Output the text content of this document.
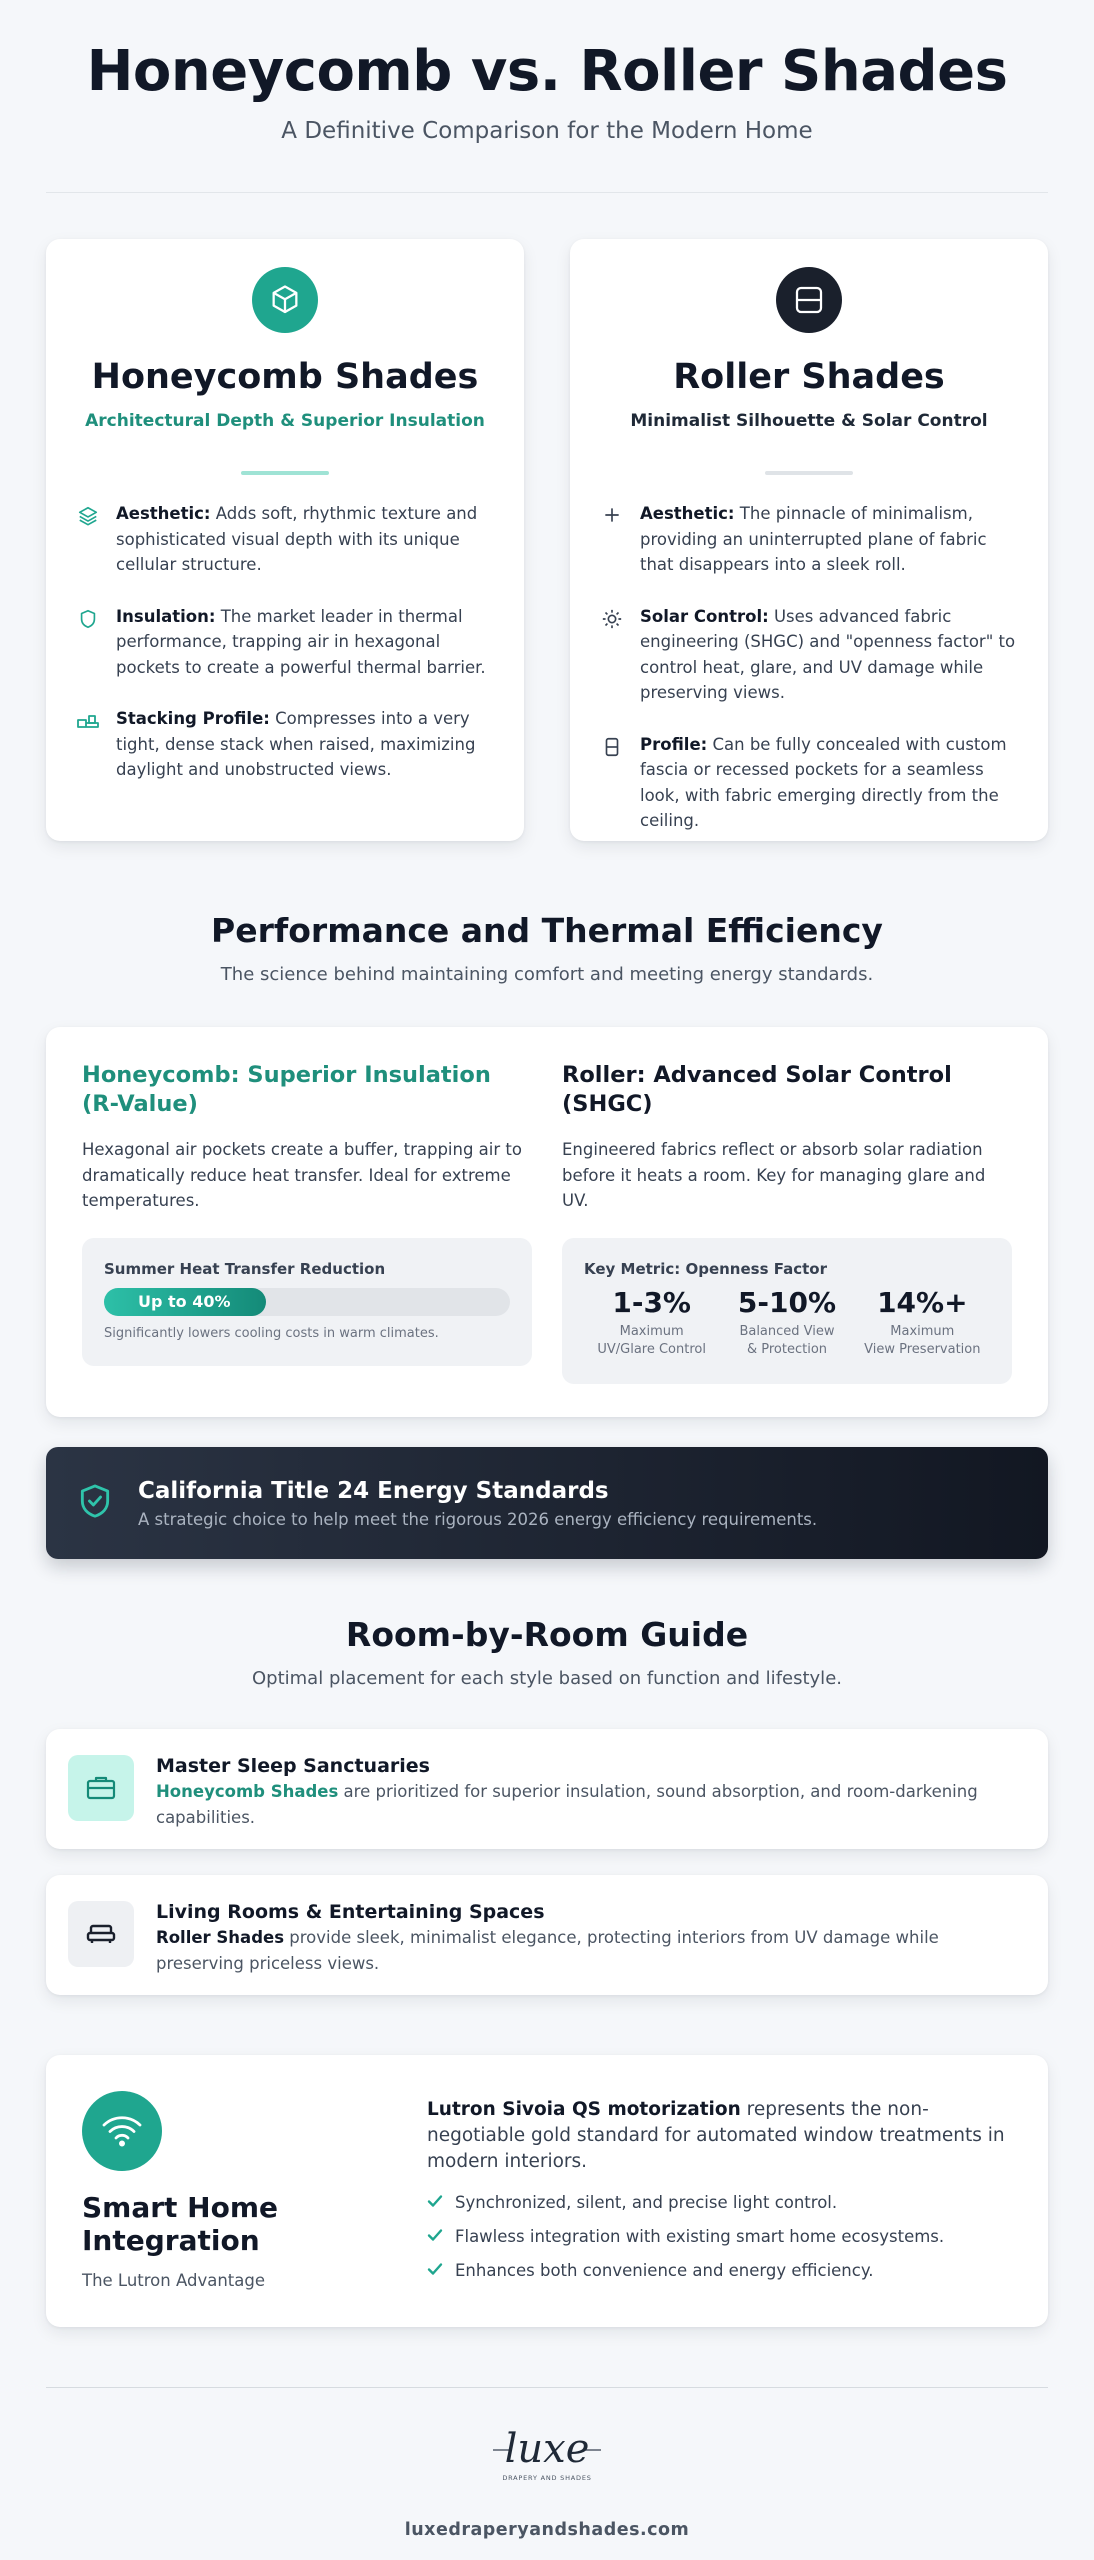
Honeycomb vs. Roller Shades
A Definitive Comparison for the Modern Home
Honeycomb Shades
Architectural Depth & Superior Insulation
Aesthetic: Adds soft, rhythmic texture and sophisticated visual depth with its unique cellular structure.
Insulation: The market leader in thermal performance, trapping air in hexagonal pockets to create a powerful thermal barrier.
Stacking Profile: Compresses into a very tight, dense stack when raised, maximizing daylight and unobstructed views.
Roller Shades
Minimalist Silhouette & Solar Control
Aesthetic: The pinnacle of minimalism, providing an uninterrupted plane of fabric that disappears into a sleek roll.
Solar Control: Uses advanced fabric engineering (SHGC) and "openness factor" to control heat, glare, and UV damage while preserving views.
Profile: Can be fully concealed with custom fascia or recessed pockets for a seamless look, with fabric emerging directly from the ceiling.
Performance and Thermal Efficiency

The science behind maintaining comfort and meeting energy standards.

Honeycomb: Superior Insulation (R-Value)
Hexagonal air pockets create a buffer, trapping air to dramatically reduce heat transfer. Ideal for extreme temperatures.
Summer Heat Transfer Reduction
Up to 40%
Significantly lowers cooling costs in warm climates.
Roller: Advanced Solar Control (SHGC)
Engineered fabrics reflect or absorb solar radiation before it heats a room. Key for managing glare and UV.
Key Metric: Openness Factor
1-3%
Maximum
UV/Glare Control
5-10%
Balanced View
& Protection
14%+
Maximum
View Preservation
California Title 24 Energy Standards
A strategic choice to help meet the rigorous 2026 energy efficiency requirements.
Room-by-Room Guide

Optimal placement for each style based on function and lifestyle.

Master Sleep Sanctuaries
Honeycomb Shades are prioritized for superior insulation, sound absorption, and room-darkening capabilities.
Living Rooms & Entertaining Spaces
Roller Shades provide sleek, minimalist elegance, protecting interiors from UV damage while preserving priceless views.
Smart Home
Integration
The Lutron Advantage
Lutron Sivoia QS motorization represents the non-negotiable gold standard for automated window treatments in modern interiors.
Synchronized, silent, and precise light control.
Flawless integration with existing smart home ecosystems.
Enhances both convenience and energy efficiency.
luxe
DRAPERY AND SHADES
luxedraperyandshades.com
